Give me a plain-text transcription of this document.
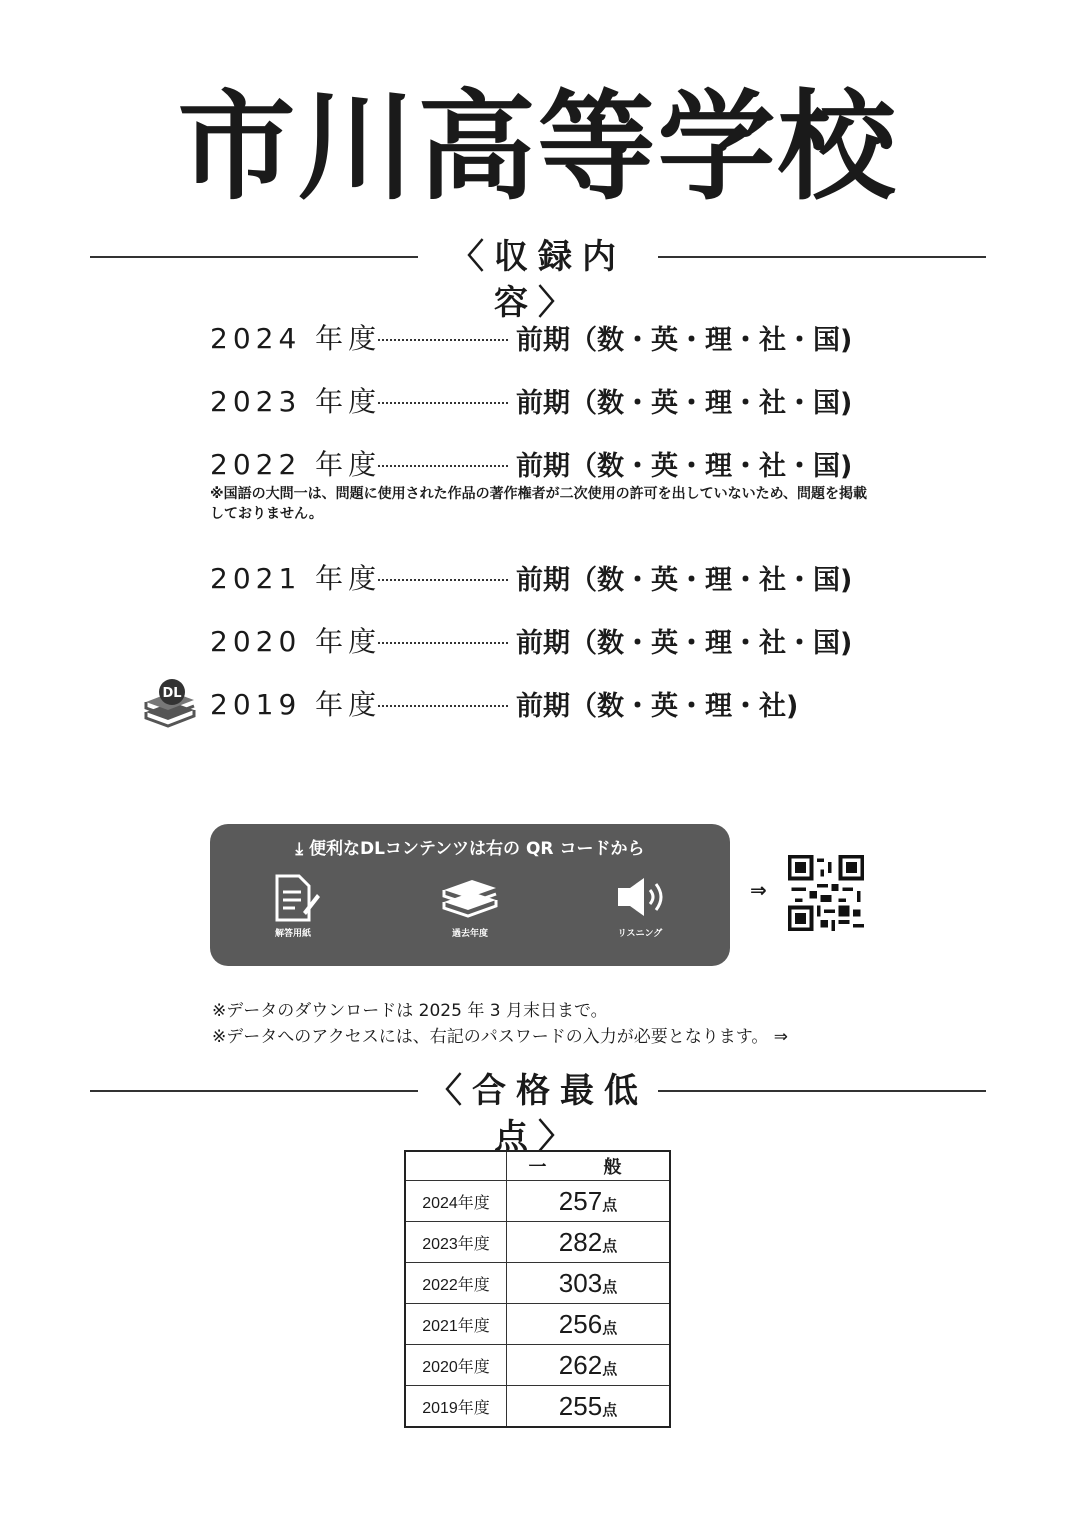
市川高等学校
〈収録内容〉
2024 年度	前期（数・英・理・社・国)
2023 年度	前期（数・英・理・社・国)
2022 年度	前期（数・英・理・社・国)
※国語の大問一は、問題に使用された作品の著作権者が二次使用の許可を出していないため、問題を掲載しておりません。
2021 年度	前期（数・英・理・社・国)
2020 年度	前期（数・英・理・社・国)
2019 年度	前期（数・英・理・社)
DL
⤓ 便利なDLコンテンツは右の QR コードから
解答用紙	過去年度	リスニング
⇒
※データのダウンロードは 2025 年 3 月末日まで。
※データへのアクセスには、右記のパスワードの入力が必要となります。 ⇒
〈合格最低点〉
	一 般
2024年度	257点
2023年度	282点
2022年度	303点
2021年度	256点
2020年度	262点
2019年度	255点
